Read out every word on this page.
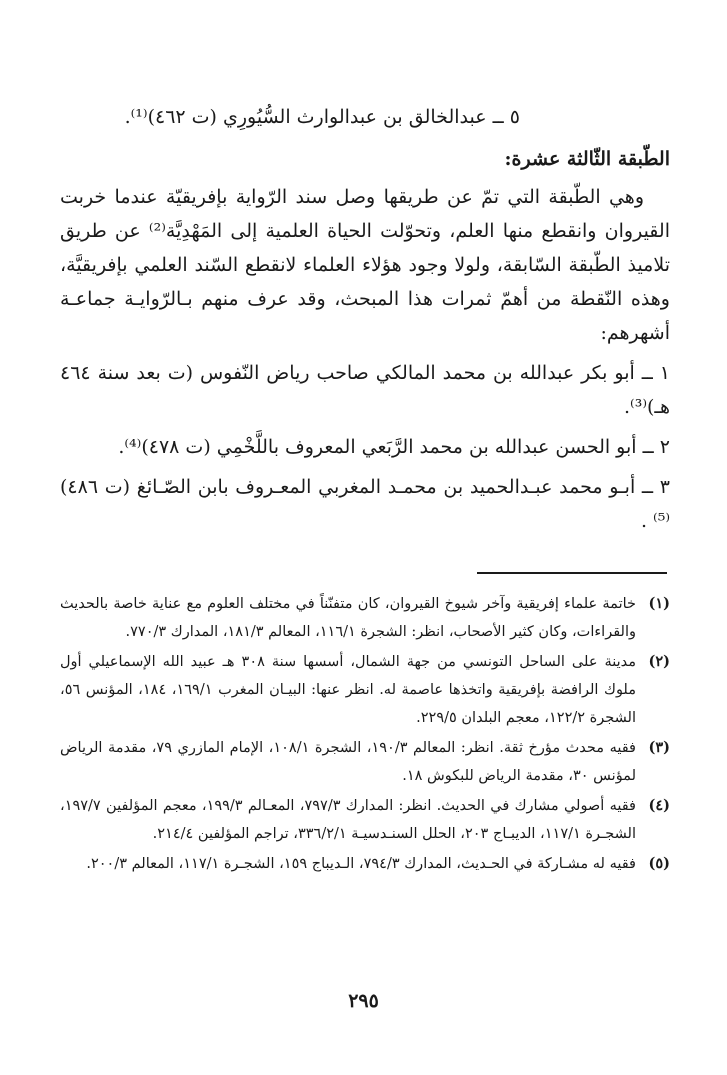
٥ ــ عبدالخالق بن عبدالوارث السُّيُورِي (ت ٤٦٢)⁽¹⁾.

الطّبقة الثّالثة عشرة:

وهي الطّبقة التي تمّ عن طريقها وصل سند الرّواية بإفريقيّة عندما خربت القيروان وانقطع منها العلم، وتحوّلت الحياة العلمية إلى المَهْدِيَّة⁽²⁾ عن طريق تلاميذ الطّبقة السّابقة، ولولا وجود هؤلاء العلماء لانقطع السّند العلمي بإفريقيَّة، وهذه النّقطة من أهمّ ثمرات هذا المبحث، وقد عرف منهم بـالرّوايـة جماعـة أشهرهم:

١ ــ أبو بكر عبدالله بن محمد المالكي صاحب رياض النّفوس (ت بعد سنة ٤٦٤ هـ)⁽³⁾.

٢ ــ أبو الحسن عبدالله بن محمد الرَّبَعي المعروف باللَّخْمِي (ت ٤٧٨)⁽⁴⁾.

٣ ــ أبـو محمد عبـدالحميد بن محمـد المغربي المعـروف بابن الصّـائغ (ت ٤٨٦) ⁽⁵⁾ .

(١)
خاتمة علماء إفريقية وآخر شيوخ القيروان، كان متفنّناً في مختلف العلوم مع عناية خاصة بالحديث والقراءات، وكان كثير الأصحاب، انظر: الشجرة ١١٦/١، المعالم ١٨١/٣، المدارك ٧٧٠/٣.
(٢)
مدينة على الساحل التونسي من جهة الشمال، أسسها سنة ٣٠٨ هـ عبيد الله الإسماعيلي أول ملوك الرافضة بإفريقية واتخذها عاصمة له. انظر عنها: البيـان المغرب ١٦٩/١، ١٨٤، المؤنس ٥٦، الشجرة ١٢٢/٢، معجم البلدان ٢٢٩/٥.
(٣)
فقيه محدث مؤرخ ثقة. انظر: المعالم ١٩٠/٣، الشجرة ١٠٨/١، الإمام المازري ٧٩، مقدمة الرياض لمؤنس ٣٠، مقدمة الرياض للبكوش ١٨.
(٤)
فقيه أصولي مشارك في الحديث. انظر: المدارك ٧٩٧/٣، المعـالم ١٩٩/٣، معجم المؤلفين ١٩٧/٧، الشجـرة ١١٧/١، الديبـاج ٢٠٣، الحلل السنـدسيـة ٣٣٦/٢/١، تراجم المؤلفين ٢١٤/٤.
(٥)
فقيه له مشـاركة في الحـديث، المدارك ٧٩٤/٣، الـديباج ١٥٩، الشجـرة ١١٧/١، المعالم ٢٠٠/٣.
٢٩٥
